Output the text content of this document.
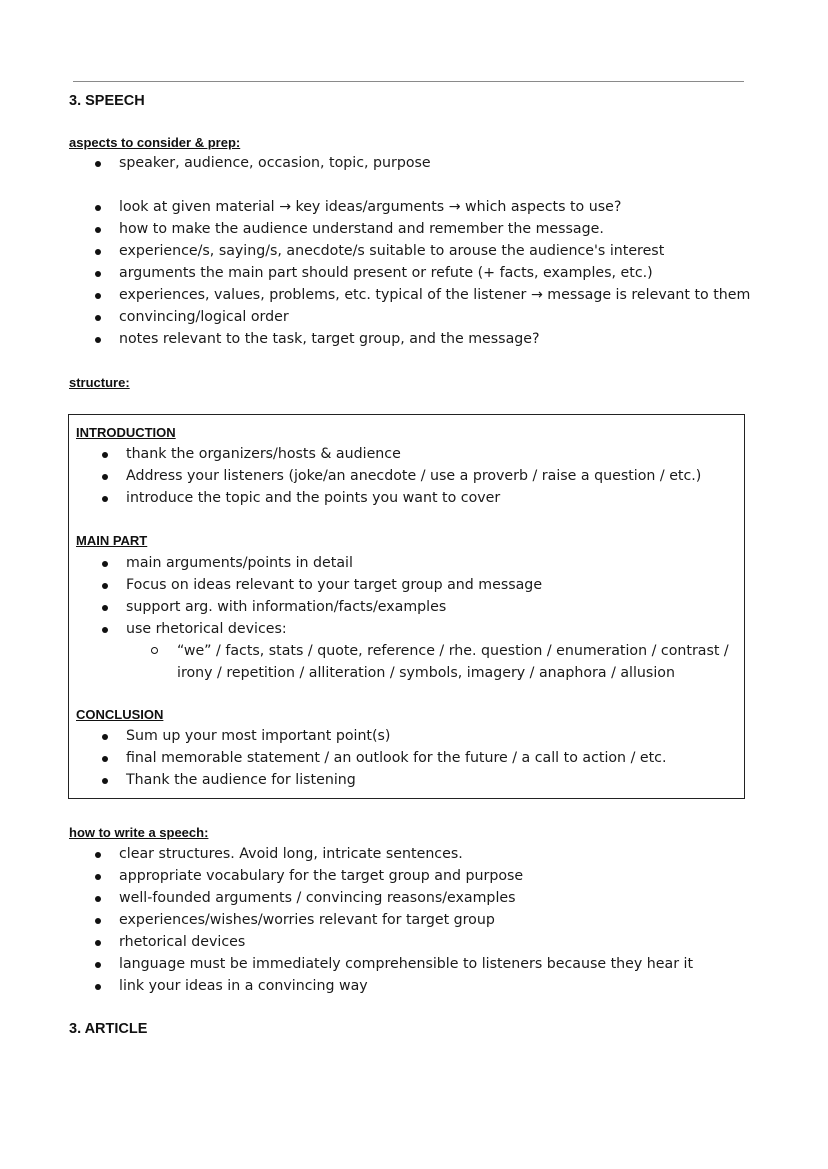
3. SPEECH
aspects to consider & prep:
speaker, audience, occasion, topic, purpose
look at given material → key ideas/arguments → which aspects to use?
how to make the audience understand and remember the message.
experience/s, saying/s, anecdote/s suitable to arouse the audience's interest
arguments the main part should present or refute (+ facts, examples, etc.)
experiences, values, problems, etc. typical of the listener → message is relevant to them
convincing/logical order
notes relevant to the task, target group, and the message?
structure:
INTRODUCTION
thank the organizers/hosts & audience
Address your listeners (joke/an anecdote / use a proverb / raise a question / etc.)
introduce the topic and the points you want to cover
MAIN PART
main arguments/points in detail
Focus on ideas relevant to your target group and message
support arg. with information/facts/examples
use rhetorical devices:
“we” / facts, stats / quote, reference / rhe. question / enumeration / contrast / irony / repetition / alliteration / symbols, imagery / anaphora / allusion
CONCLUSION
Sum up your most important point(s)
final memorable statement / an outlook for the future / a call to action / etc.
Thank the audience for listening
how to write a speech:
clear structures. Avoid long, intricate sentences.
appropriate vocabulary for the target group and purpose
well-founded arguments / convincing reasons/examples
experiences/wishes/worries relevant for target group
rhetorical devices
language must be immediately comprehensible to listeners because they hear it
link your ideas in a convincing way
3. ARTICLE
